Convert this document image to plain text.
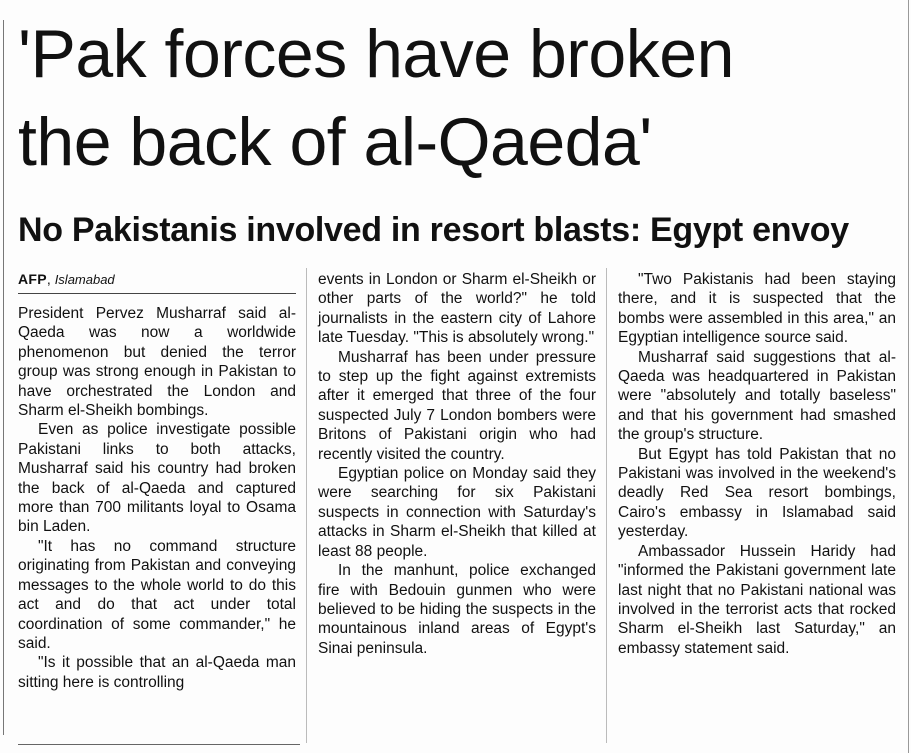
'Pak forces have broken
the back of al-Qaeda'
No Pakistanis involved in resort blasts: Egypt envoy
AFP, Islamabad

President Pervez Musharraf said al-Qaeda was now a worldwide phenomenon but denied the terror group was strong enough in Pakistan to have orchestrated the London and Sharm el-Sheikh bombings.

Even as police investigate possible Pakistani links to both attacks, Musharraf said his country had broken the back of al-Qaeda and captured more than 700 militants loyal to Osama bin Laden.

"It has no command structure originating from Pakistan and conveying messages to the whole world to do this act and do that act under total coordination of some commander," he said.

"Is it possible that an al-Qaeda man sitting here is controlling

events in London or Sharm el-Sheikh or other parts of the world?" he told journalists in the eastern city of Lahore late Tuesday. "This is absolutely wrong."

Musharraf has been under pressure to step up the fight against extremists after it emerged that three of the four suspected July 7 London bombers were Britons of Pakistani origin who had recently visited the country.

Egyptian police on Monday said they were searching for six Pakistani suspects in connection with Saturday's attacks in Sharm el-Sheikh that killed at least 88 people.

In the manhunt, police exchanged fire with Bedouin gunmen who were believed to be hiding the suspects in the mountainous inland areas of Egypt's Sinai peninsula.

"Two Pakistanis had been staying there, and it is suspected that the bombs were assembled in this area," an Egyptian intelligence source said.

Musharraf said suggestions that al-Qaeda was headquartered in Pakistan were "absolutely and totally baseless" and that his government had smashed the group's structure.

But Egypt has told Pakistan that no Pakistani was involved in the weekend's deadly Red Sea resort bombings, Cairo's embassy in Islamabad said yesterday.

Ambassador Hussein Haridy had "informed the Pakistani government late last night that no Pakistani national was involved in the terrorist acts that rocked Sharm el-Sheikh last Saturday," an embassy statement said.
